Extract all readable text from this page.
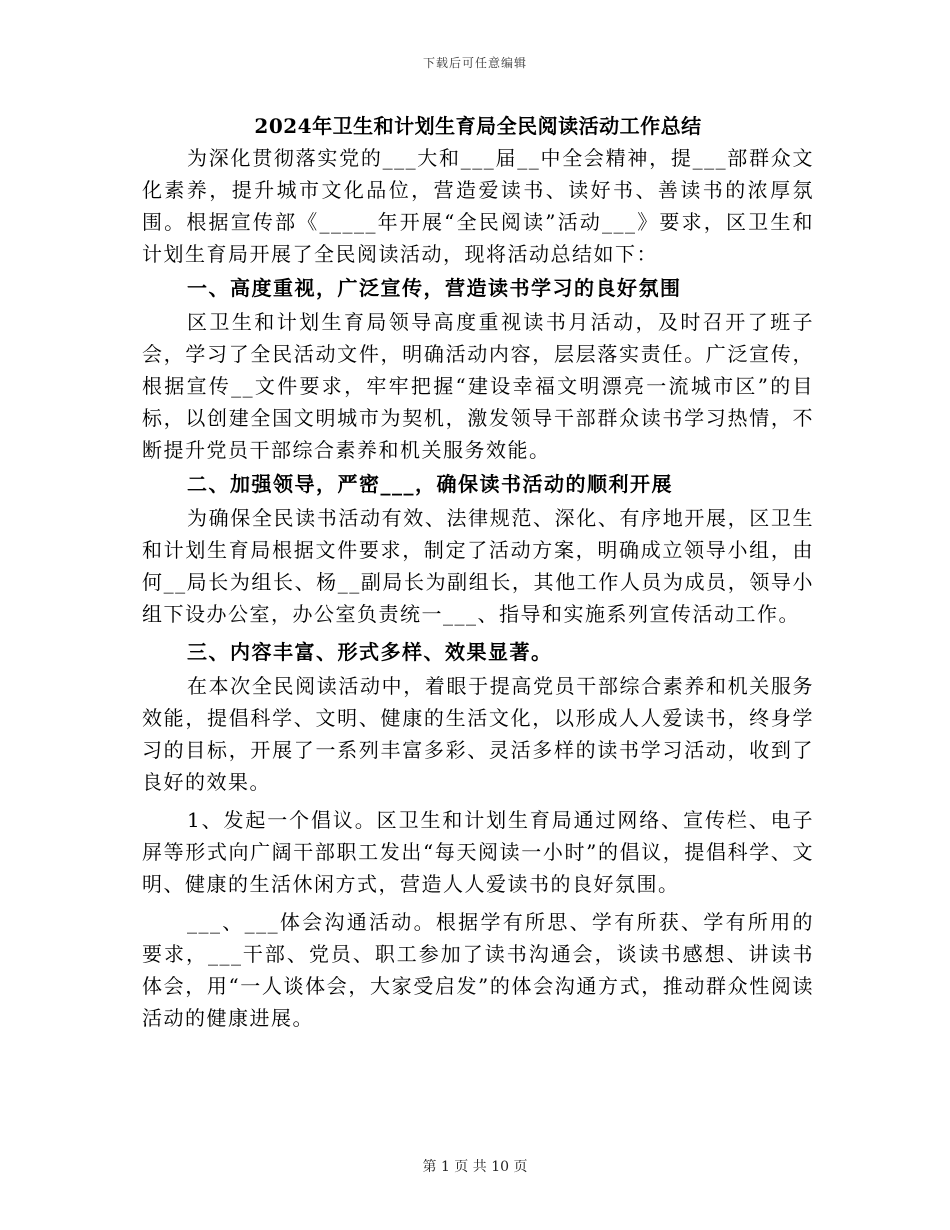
下载后可任意编辑
2024年卫生和计划生育局全民阅读活动工作总结

为深化贯彻落实党的___大和___届__中全会精神，提___部群众文化素养，提升城市文化品位，营造爱读书、读好书、善读书的浓厚氛围。根据宣传部《_____年开展“全民阅读”活动___》要求，区卫生和计划生育局开展了全民阅读活动，现将活动总结如下：

一、高度重视，广泛宣传，营造读书学习的良好氛围

区卫生和计划生育局领导高度重视读书月活动，及时召开了班子会，学习了全民活动文件，明确活动内容，层层落实责任。广泛宣传，根据宣传__文件要求，牢牢把握“建设幸福文明漂亮一流城市区”的目标，以创建全国文明城市为契机，激发领导干部群众读书学习热情，不断提升党员干部综合素养和机关服务效能。

二、加强领导，严密___，确保读书活动的顺利开展

为确保全民读书活动有效、法律规范、深化、有序地开展，区卫生和计划生育局根据文件要求，制定了活动方案，明确成立领导小组，由何__局长为组长、杨__副局长为副组长，其他工作人员为成员，领导小组下设办公室，办公室负责统一___、指导和实施系列宣传活动工作。

三、内容丰富、形式多样、效果显著。

在本次全民阅读活动中，着眼于提高党员干部综合素养和机关服务效能，提倡科学、文明、健康的生活文化，以形成人人爱读书，终身学习的目标，开展了一系列丰富多彩、灵活多样的读书学习活动，收到了良好的效果。

1、发起一个倡议。区卫生和计划生育局通过网络、宣传栏、电子屏等形式向广阔干部职工发出“每天阅读一小时”的倡议，提倡科学、文明、健康的生活休闲方式，营造人人爱读书的良好氛围。

___、___体会沟通活动。根据学有所思、学有所获、学有所用的要求，___干部、党员、职工参加了读书沟通会，谈读书感想、讲读书体会，用“一人谈体会，大家受启发”的体会沟通方式，推动群众性阅读活动的健康进展。

第 1 页 共 10 页
